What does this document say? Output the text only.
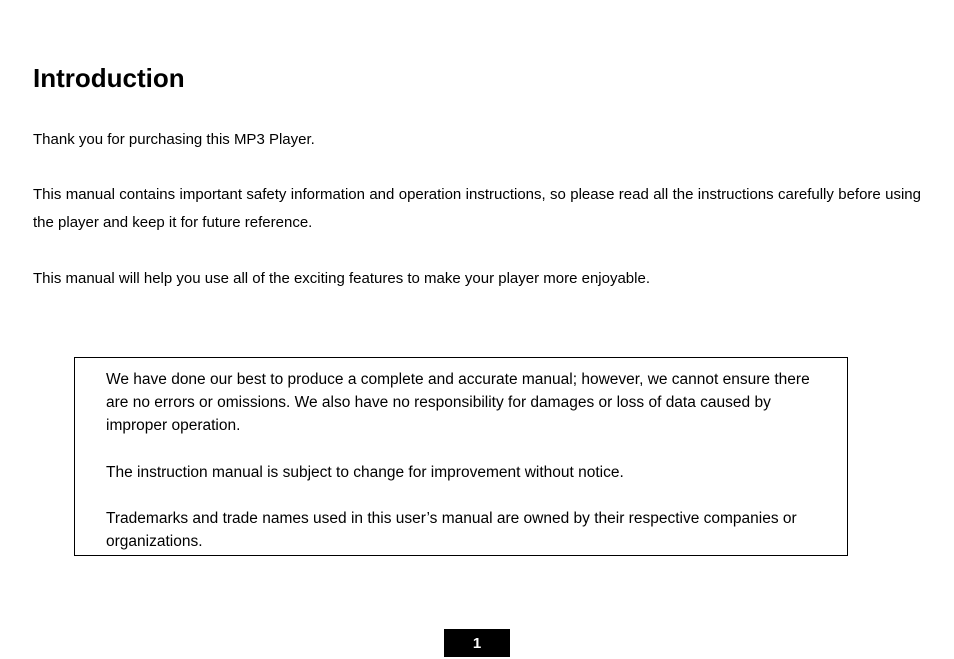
Introduction

Thank you for purchasing this MP3 Player.

This manual contains important safety information and operation instructions, so please read all the instructions carefully before using the player and keep it for future reference.

This manual will help you use all of the exciting features to make your player more enjoyable.

We have done our best to produce a complete and accurate manual; however, we cannot ensure there are no errors or omissions. We also have no responsibility for damages or loss of data caused by improper operation.

The instruction manual is subject to change for improvement without notice.

Trademarks and trade names used in this user’s manual are owned by their respective companies or organizations.

1
